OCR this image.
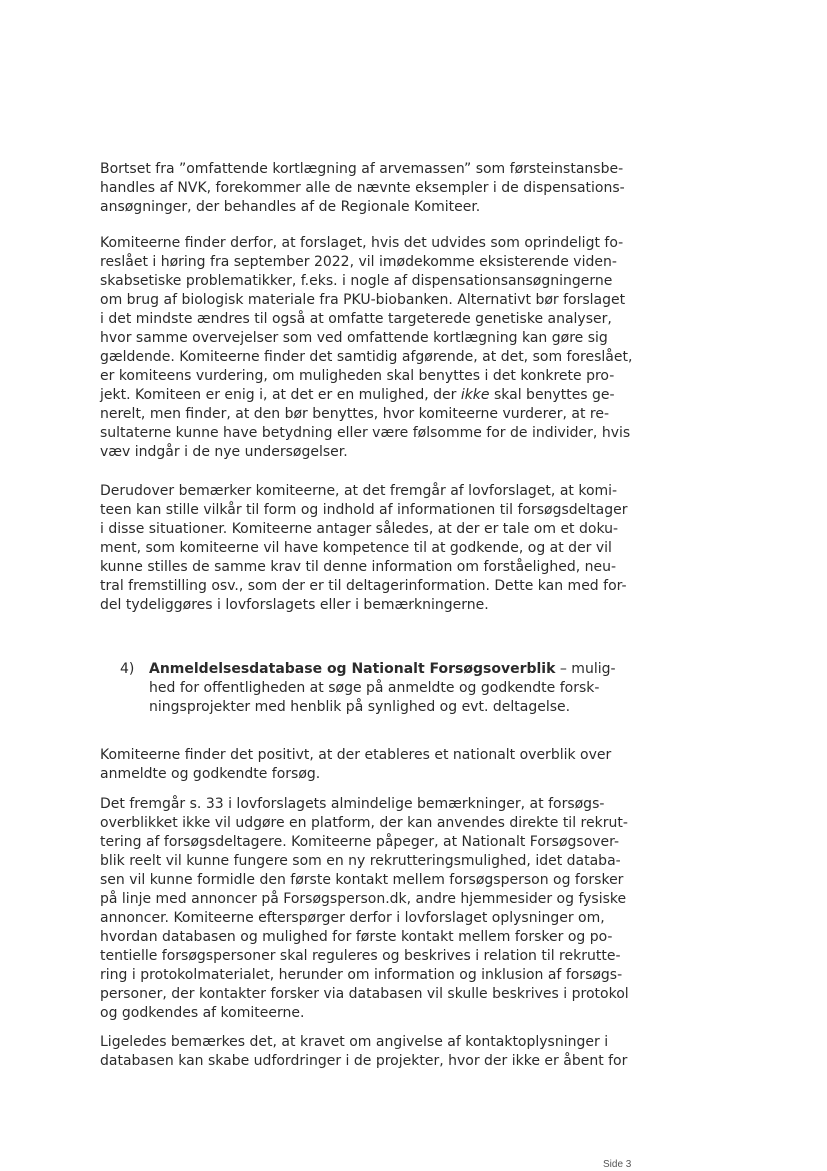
Bortset fra ”omfattende kortlægning af arvemassen” som førsteinstansbe-
handles af NVK, forekommer alle de nævnte eksempler i de dispensations-
ansøgninger, der behandles af de Regionale Komiteer.
Komiteerne finder derfor, at forslaget, hvis det udvides som oprindeligt fo-
reslået i høring fra september 2022, vil imødekomme eksisterende viden-
skabsetiske problematikker, f.eks. i nogle af dispensationsansøgningerne
om brug af biologisk materiale fra PKU-biobanken. Alternativt bør forslaget
i det mindste ændres til også at omfatte targeterede genetiske analyser,
hvor samme overvejelser som ved omfattende kortlægning kan gøre sig
gældende. Komiteerne finder det samtidig afgørende, at det, som foreslået,
er komiteens vurdering, om muligheden skal benyttes i det konkrete pro-
jekt. Komiteen er enig i, at det er en mulighed, der ikke skal benyttes ge-
nerelt, men finder, at den bør benyttes, hvor komiteerne vurderer, at re-
sultaterne kunne have betydning eller være følsomme for de individer, hvis
væv indgår i de nye undersøgelser.
Derudover bemærker komiteerne, at det fremgår af lovforslaget, at komi-
teen kan stille vilkår til form og indhold af informationen til forsøgsdeltager
i disse situationer. Komiteerne antager således, at der er tale om et doku-
ment, som komiteerne vil have kompetence til at godkende, og at der vil
kunne stilles de samme krav til denne information om forståelighed, neu-
tral fremstilling osv., som der er til deltagerinformation. Dette kan med for-
del tydeliggøres i lovforslagets eller i bemærkningerne.
4) Anmeldelsesdatabase og Nationalt Forsøgsoverblik – mulig-
hed for offentligheden at søge på anmeldte og godkendte forsk-
ningsprojekter med henblik på synlighed og evt. deltagelse.
Komiteerne finder det positivt, at der etableres et nationalt overblik over
anmeldte og godkendte forsøg.
Det fremgår s. 33 i lovforslagets almindelige bemærkninger, at forsøgs-
overblikket ikke vil udgøre en platform, der kan anvendes direkte til rekrut-
tering af forsøgsdeltagere. Komiteerne påpeger, at Nationalt Forsøgsover-
blik reelt vil kunne fungere som en ny rekrutteringsmulighed, idet databa-
sen vil kunne formidle den første kontakt mellem forsøgsperson og forsker
på linje med annoncer på Forsøgsperson.dk, andre hjemmesider og fysiske
annoncer. Komiteerne efterspørger derfor i lovforslaget oplysninger om,
hvordan databasen og mulighed for første kontakt mellem forsker og po-
tentielle forsøgspersoner skal reguleres og beskrives i relation til rekrutte-
ring i protokolmaterialet, herunder om information og inklusion af forsøgs-
personer, der kontakter forsker via databasen vil skulle beskrives i protokol
og godkendes af komiteerne.
Ligeledes bemærkes det, at kravet om angivelse af kontaktoplysninger i
databasen kan skabe udfordringer i de projekter, hvor der ikke er åbent for
Side 3
